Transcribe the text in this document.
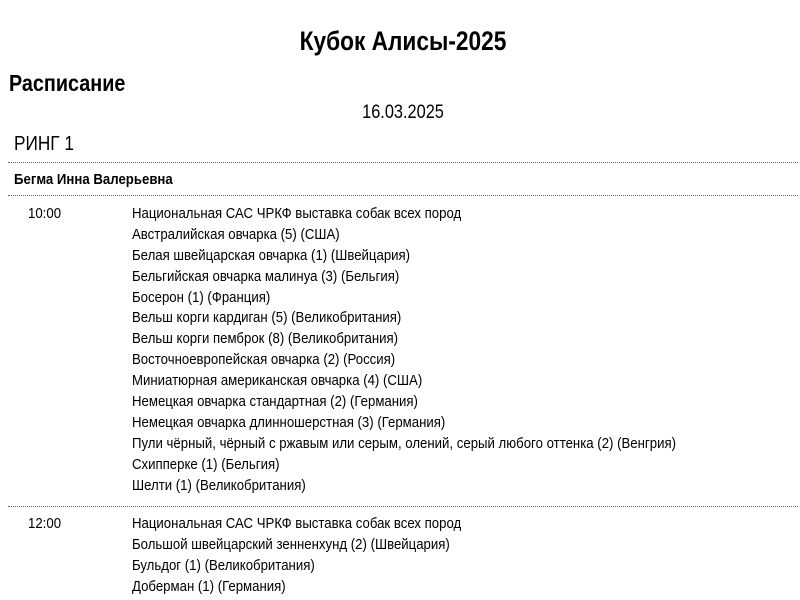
Кубок Алисы-2025
Расписание
16.03.2025
РИНГ 1
Бегма Инна Валерьевна
10:00	Национальная САС ЧРКФ выставка собак всех пород
Австралийская овчарка (5) (США)
Белая швейцарская овчарка (1) (Швейцария)
Бельгийская овчарка малинуа (3) (Бельгия)
Босерон (1) (Франция)
Вельш корги кардиган (5) (Великобритания)
Вельш корги пемброк (8) (Великобритания)
Восточноевропейская овчарка (2) (Россия)
Миниатюрная американская овчарка (4) (США)
Немецкая овчарка стандартная (2) (Германия)
Немецкая овчарка длинношерстная (3) (Германия)
Пули чёрный, чёрный с ржавым или серым, олений, серый любого оттенка (2) (Венгрия)
Схипперке (1) (Бельгия)
Шелти (1) (Великобритания)
12:00	Национальная САС ЧРКФ выставка собак всех пород
Большой швейцарский зенненхунд (2) (Швейцария)
Бульдог (1) (Великобритания)
Доберман (1) (Германия)
